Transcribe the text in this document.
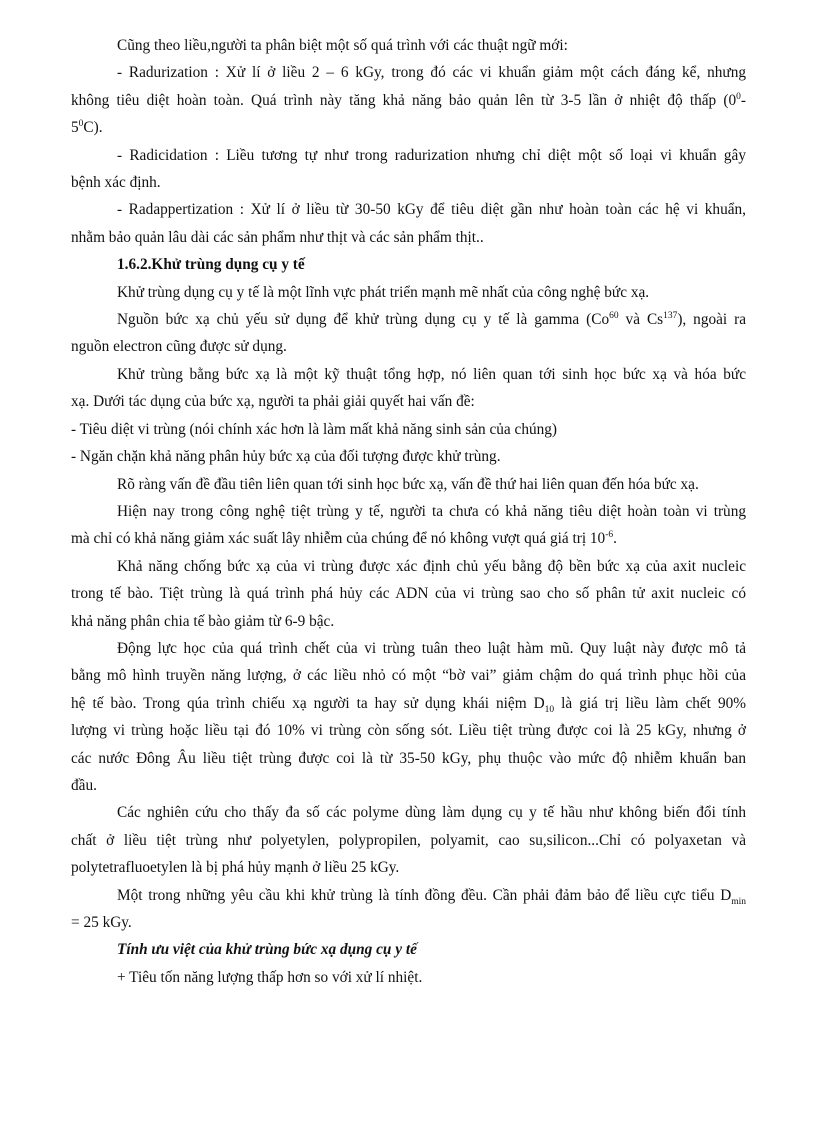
Cũng theo liều,người ta phân biệt một số quá trình với các thuật ngữ mới:

- Radurization : Xử lí ở liều 2 – 6 kGy, trong đó các vi khuẩn giảm một cách đáng kể, nhưng

không tiêu diệt hoàn toàn. Quá trình này tăng khả năng bảo quản lên từ 3-5 lần ở nhiệt độ thấp ($0^0-$

$5^0C$).

- Radicidation : Liều tương tự như trong radurization nhưng chỉ diệt một số loại vi khuẩn gây

bệnh xác định.

- Radappertization : Xử lí ở liều từ 30-50 kGy để tiêu diệt gần như hoàn toàn các hệ vi khuẩn,

nhằm bảo quản lâu dài các sản phẩm như thịt và các sản phẩm thịt..

1.6.2.Khử trùng dụng cụ y tế

Khử trùng dụng cụ y tế là một lĩnh vực phát triển mạnh mẽ nhất của công nghệ bức xạ.

Nguồn bức xạ chủ yếu sử dụng để khử trùng dụng cụ y tế là gamma (Co$^{60}$ và Cs$^{137}$), ngoài ra

nguồn electron cũng được sử dụng.

Khử trùng bằng bức xạ là một kỹ thuật tổng hợp, nó liên quan tới sinh học bức xạ và hóa bức

xạ. Dưới tác dụng của bức xạ, người ta phải giải quyết hai vấn đề:

- Tiêu diệt vi trùng (nói chính xác hơn là làm mất khả năng sinh sản của chúng)

- Ngăn chặn khả năng phân hủy bức xạ của đối tượng được khử trùng.

Rõ ràng vấn đề đầu tiên liên quan tới sinh học bức xạ, vấn đề thứ hai liên quan đến hóa bức xạ.

Hiện nay trong công nghệ tiệt trùng y tế, người ta chưa có khả năng tiêu diệt hoàn toàn vi trùng

mà chỉ có khả năng giảm xác suất lây nhiễm của chúng để nó không vượt quá giá trị $10^{-6}$.

Khả năng chống bức xạ của vi trùng được xác định chủ yếu bằng độ bền bức xạ của axit nucleic

trong tế bào. Tiệt trùng là quá trình phá hủy các ADN của vi trùng sao cho số phân tử axit nucleic có

khả năng phân chia tế bào giảm từ 6-9 bậc.

Động lực học của quá trình chết của vi trùng tuân theo luật hàm mũ. Quy luật này được mô tả

bằng mô hình truyền năng lượng, ở các liều nhỏ có một “bờ vai” giảm chậm do quá trình phục hồi của

hệ tế bào. Trong qúa trình chiếu xạ người ta hay sử dụng khái niệm $D_{10}$ là giá trị liều làm chết 90%

lượng vi trùng hoặc liều tại đó 10% vi trùng còn sống sót. Liều tiệt trùng được coi là 25 kGy, nhưng ở

các nước Đông Âu liều tiệt trùng được coi là từ 35-50 kGy, phụ thuộc vào mức độ nhiễm khuẩn ban

đầu.

Các nghiên cứu cho thấy đa số các polyme dùng làm dụng cụ y tế hầu như không biến đổi tính

chất ở liều tiệt trùng như polyetylen, polypropilen, polyamit, cao su,silicon...Chỉ có polyaxetan và

polytetrafluoetylen là bị phá hủy mạnh ở liều 25 kGy.

Một trong những yêu cầu khi khử trùng là tính đồng đều. Cần phải đảm bảo để liều cực tiểu $D_{min}$

= 25 kGy.

Tính ưu việt của khử trùng bức xạ dụng cụ y tế

+ Tiêu tốn năng lượng thấp hơn so với xử lí nhiệt.
